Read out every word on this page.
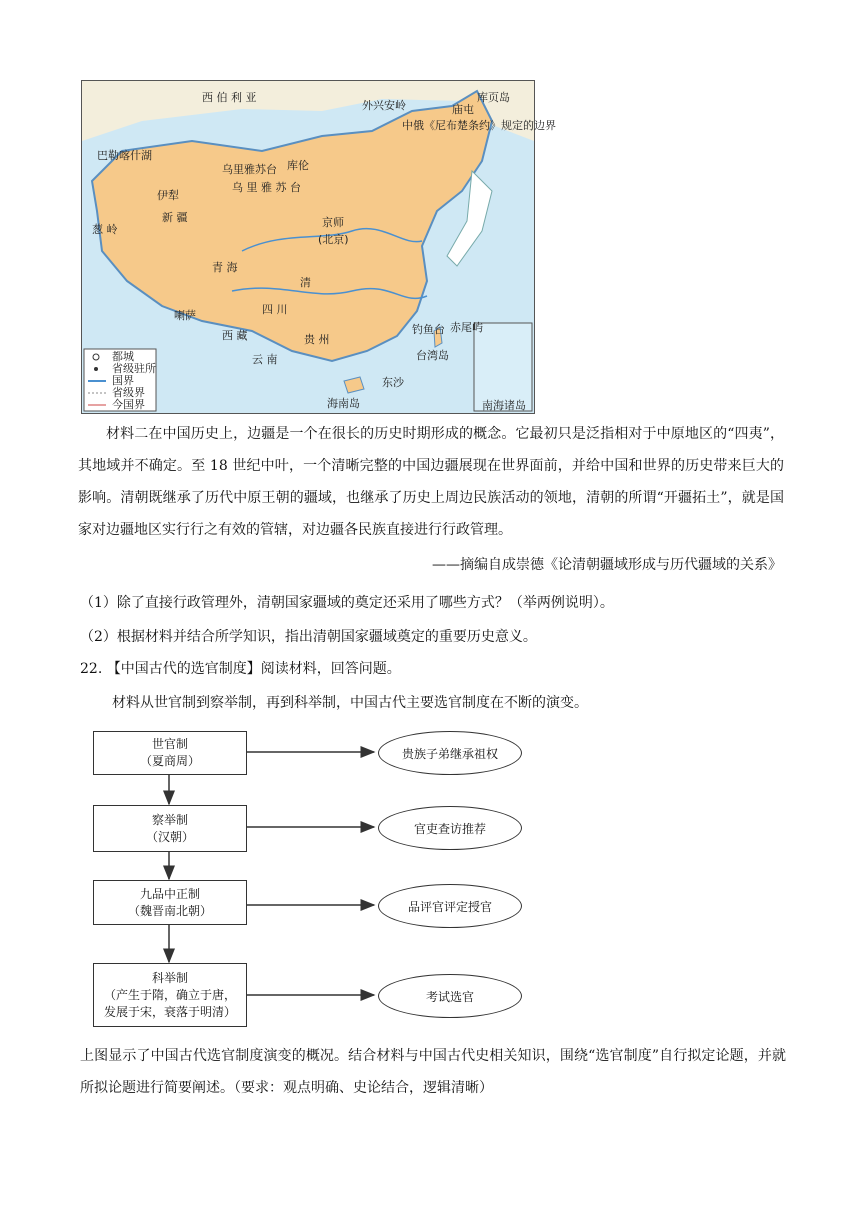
都城
省级驻所
国界
省级界
今国界
西 伯 利 亚
外兴安岭
库页岛
庙屯
中俄《尼布楚条约》规定的边界
巴勒喀什湖
乌里雅苏台 库伦
乌 里 雅 苏 台
伊犁
新 疆
葱 岭
京师
(北京)
清
青 海
西 藏
喇萨	四 川
云 南
贵 州
钓鱼台 赤尾屿
台湾岛
东沙
海南岛	南海诸岛
材料二在中国历史上，边疆是一个在很长的历史时期形成的概念。它最初只是泛指相对于中原地区的“四夷”，其地域并不确定。至 18 世纪中叶，一个清晰完整的中国边疆展现在世界面前，并给中国和世界的历史带来巨大的影响。清朝既继承了历代中原王朝的疆域，也继承了历史上周边民族活动的领地，清朝的所谓“开疆拓土”，就是国家对边疆地区实行行之有效的管辖，对边疆各民族直接进行行政管理。
——摘编自成崇德《论清朝疆域形成与历代疆域的关系》
（1）除了直接行政管理外，清朝国家疆域的奠定还采用了哪些方式？（举两例说明）。
（2）根据材料并结合所学知识，指出清朝国家疆域奠定的重要历史意义。
22. 【中国古代的选官制度】阅读材料，回答问题。
材料从世官制到察举制，再到科举制，中国古代主要选官制度在不断的演变。
世官制
（夏商周）
察举制
（汉朝）
九品中正制
（魏晋南北朝）
科举制
（产生于隋，确立于唐，
发展于宋，衰落于明清）
贵族子弟继承祖权
官吏查访推荐
品评官评定授官
考试选官
上图显示了中国古代选官制度演变的概况。结合材料与中国古代史相关知识，围绕“选官制度”自行拟定论题，并就所拟论题进行简要阐述。（要求：观点明确、史论结合，逻辑清晰）
